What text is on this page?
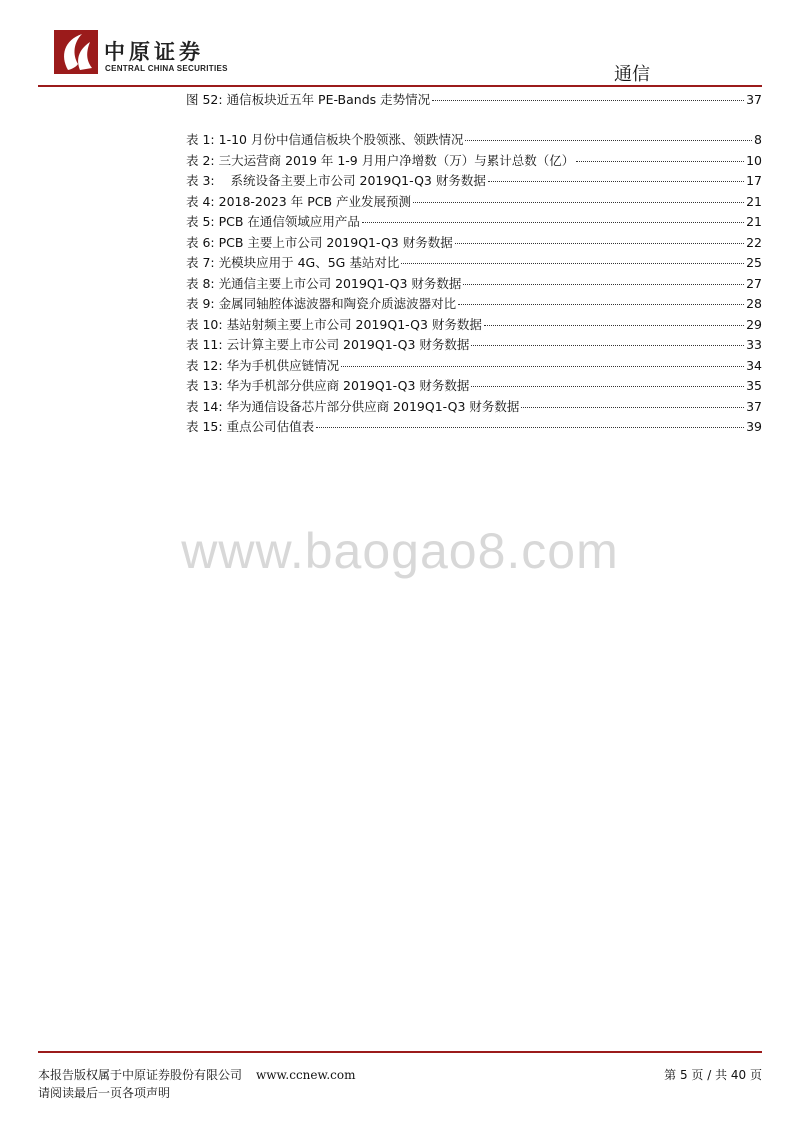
中原证券
CENTRAL CHINA SECURITIES	通信
图 52: 通信板块近五年 PE-Bands 走势情况	37
表 1: 1-10 月份中信通信板块个股领涨、领跌情况	8
表 2: 三大运营商 2019 年 1-9 月用户净增数（万）与累计总数（亿）	10
表 3:    系统设备主要上市公司 2019Q1-Q3 财务数据	17
表 4: 2018-2023 年 PCB 产业发展预测	21
表 5: PCB 在通信领域应用产品	21
表 6: PCB 主要上市公司 2019Q1-Q3 财务数据	22
表 7: 光模块应用于 4G、5G 基站对比	25
表 8: 光通信主要上市公司 2019Q1-Q3 财务数据	27
表 9: 金属同轴腔体滤波器和陶瓷介质滤波器对比	28
表 10: 基站射频主要上市公司 2019Q1-Q3 财务数据	29
表 11: 云计算主要上市公司 2019Q1-Q3 财务数据	33
表 12: 华为手机供应链情况	34
表 13: 华为手机部分供应商 2019Q1-Q3 财务数据	35
表 14: 华为通信设备芯片部分供应商 2019Q1-Q3 财务数据	37
表 15: 重点公司估值表	39
www.baogao8.com
本报告版权属于中原证券股份有限公司 www.ccnew.com	第 5 页 / 共 40 页
请阅读最后一页各项声明
